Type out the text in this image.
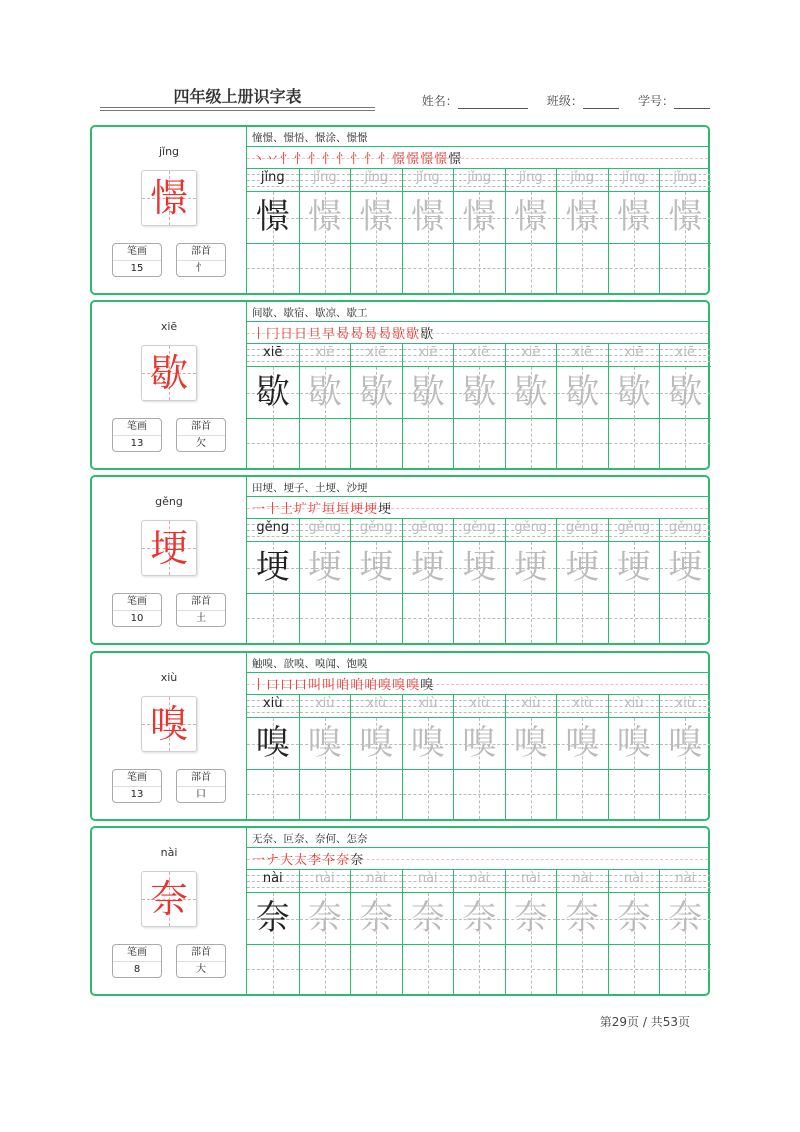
四年级上册识字表	姓名：	班级：	学号：
jǐng
憬
笔画
15
部首
忄
憧憬、憬悟、憬涂、憬憬
丶丷忄忄忄忄忄忄忄忄憬憬憬憬憬
jǐng
憬
jǐng
憬
jǐng
憬
jǐng
憬
jǐng
憬
jǐng
憬
jǐng
憬
jǐng
憬
jǐng
憬
xiē
歇
笔画
13
部首
欠
间歇、歇宿、歇凉、歇工
丨冂日日旦早曷曷曷曷歇歇歇
xiē
歇
xiē
歇
xiē
歇
xiē
歇
xiē
歇
xiē
歇
xiē
歇
xiē
歇
xiē
歇
gěng
埂
笔画
10
部首
土
田埂、埂子、土埂、沙埂
一十土圹圹垣垣埂埂埂
gěng
埂
gěng
埂
gěng
埂
gěng
埂
gěng
埂
gěng
埂
gěng
埂
gěng
埂
gěng
埂
xiù
嗅
笔画
13
部首
口
触嗅、歆嗅、嗅闻、饱嗅
丨口口口叫叫咱咱咱嗅嗅嗅嗅
xiù
嗅
xiù
嗅
xiù
嗅
xiù
嗅
xiù
嗅
xiù
嗅
xiù
嗅
xiù
嗅
xiù
嗅
nài
奈
笔画
8
部首
大
无奈、叵奈、奈何、怎奈
一ナ大太李夲奈奈
nài
奈
nài
奈
nài
奈
nài
奈
nài
奈
nài
奈
nài
奈
nài
奈
nài
奈
第29页 / 共53页
